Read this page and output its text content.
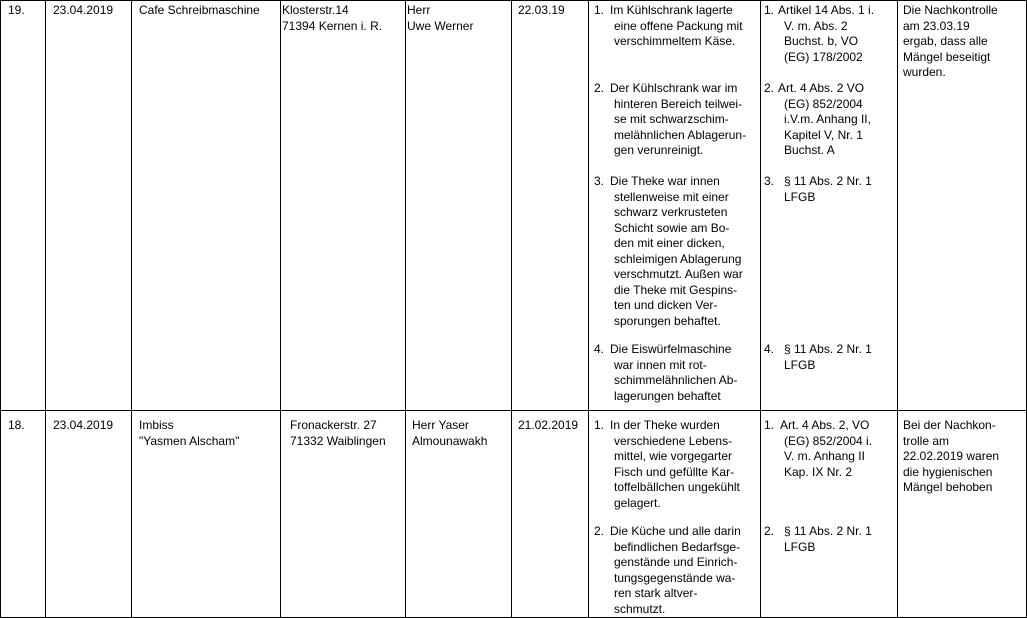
19. 23.04.2019 Cafe Schreibmaschine Klosterstr.14
71394 Kernen i. R.
Herr
Uwe Werner
22.03.19 1. Im Kühlschrank lagerte
eine offene Packung mit
verschimmeltem Käse.
2. Der Kühlschrank war im
hinteren Bereich teilwei-
se mit schwarzschim-
melähnlichen Ablagerun-
gen verunreinigt.
3. Die Theke war innen
stellenweise mit einer
schwarz verkrusteten
Schicht sowie am Bo-
den mit einer dicken,
schleimigen Ablagerung
verschmutzt. Außen war
die Theke mit Gespins-
ten und dicken Ver-
sporungen behaftet.
4. Die Eiswürfelmaschine
war innen mit rot-
schimmelähnlichen Ab-
lagerungen behaftet
1. Artikel 14 Abs. 1 i.
V. m. Abs. 2
Buchst. b, VO
(EG) 178/2002
2. Art. 4 Abs. 2 VO
(EG) 852/2004
i.V.m. Anhang II,
Kapitel V, Nr. 1
Buchst. A
3. § 11 Abs. 2 Nr. 1
LFGB
4. § 11 Abs. 2 Nr. 1
LFGB
Die Nachkontrolle
am 23.03.19
ergab, dass alle
Mängel beseitigt
wurden.
18. 23.04.2019 Imbiss
"Yasmen Alscham"
Fronackerstr. 27
71332 Waiblingen
Herr Yaser
Almounawakh
21.02.2019 1. In der Theke wurden
verschiedene Lebens-
mittel, wie vorgegarter
Fisch und gefüllte Kar-
toffelbällchen ungekühlt
gelagert.
2. Die Küche und alle darin
befindlichen Bedarfsge-
genstände und Einrich-
tungsgegenstände wa-
ren stark altver-
schmutzt.
1. Art. 4 Abs. 2, VO
(EG) 852/2004 i.
V. m. Anhang II
Kap. IX Nr. 2
2. § 11 Abs. 2 Nr. 1
LFGB
Bei der Nachkon-
trolle am
22.02.2019 waren
die hygienischen
Mängel behoben
